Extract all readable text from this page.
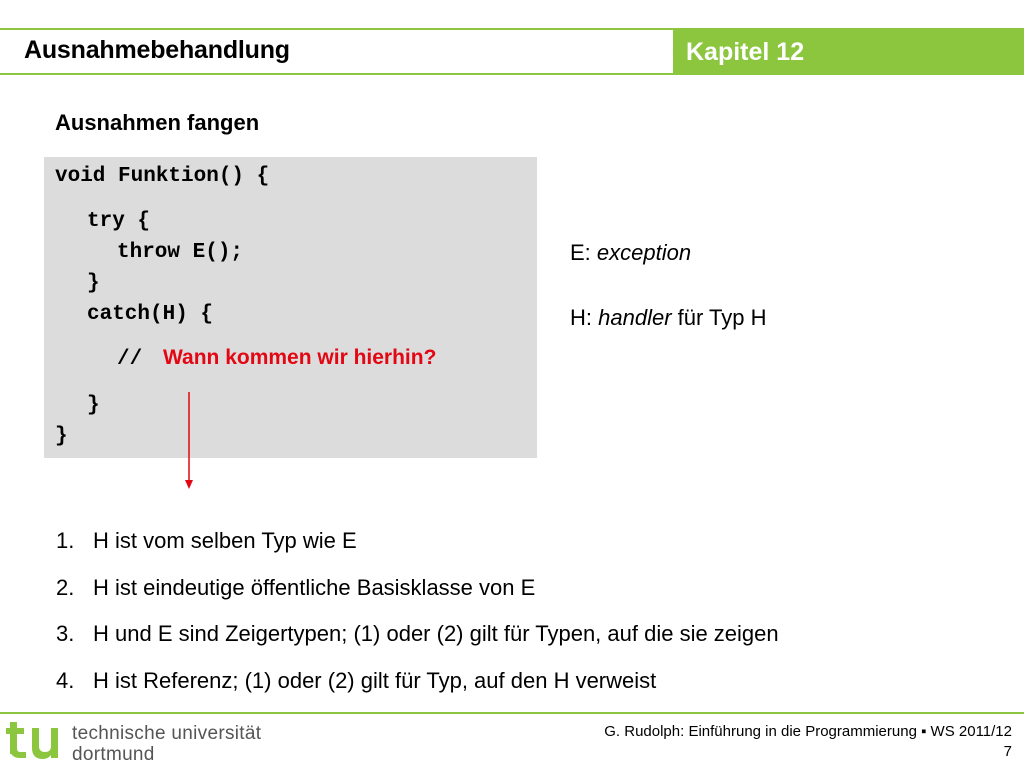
Ausnahmebehandlung	Kapitel 12
Ausnahmen fangen
void Funktion() {
try {
throw E();
}
catch(H) {
// Wann kommen wir hierhin?
}
}
E: exception
H: handler für Typ H
1. H ist vom selben Typ wie E
2. H ist eindeutige öffentliche Basisklasse von E
3. H und E sind Zeigertypen; (1) oder (2) gilt für Typen, auf die sie zeigen
4. H ist Referenz; (1) oder (2) gilt für Typ, auf den H verweist
technische universität
dortmund
G. Rudolph: Einführung in die Programmierung ▪ WS 2011/12
7
